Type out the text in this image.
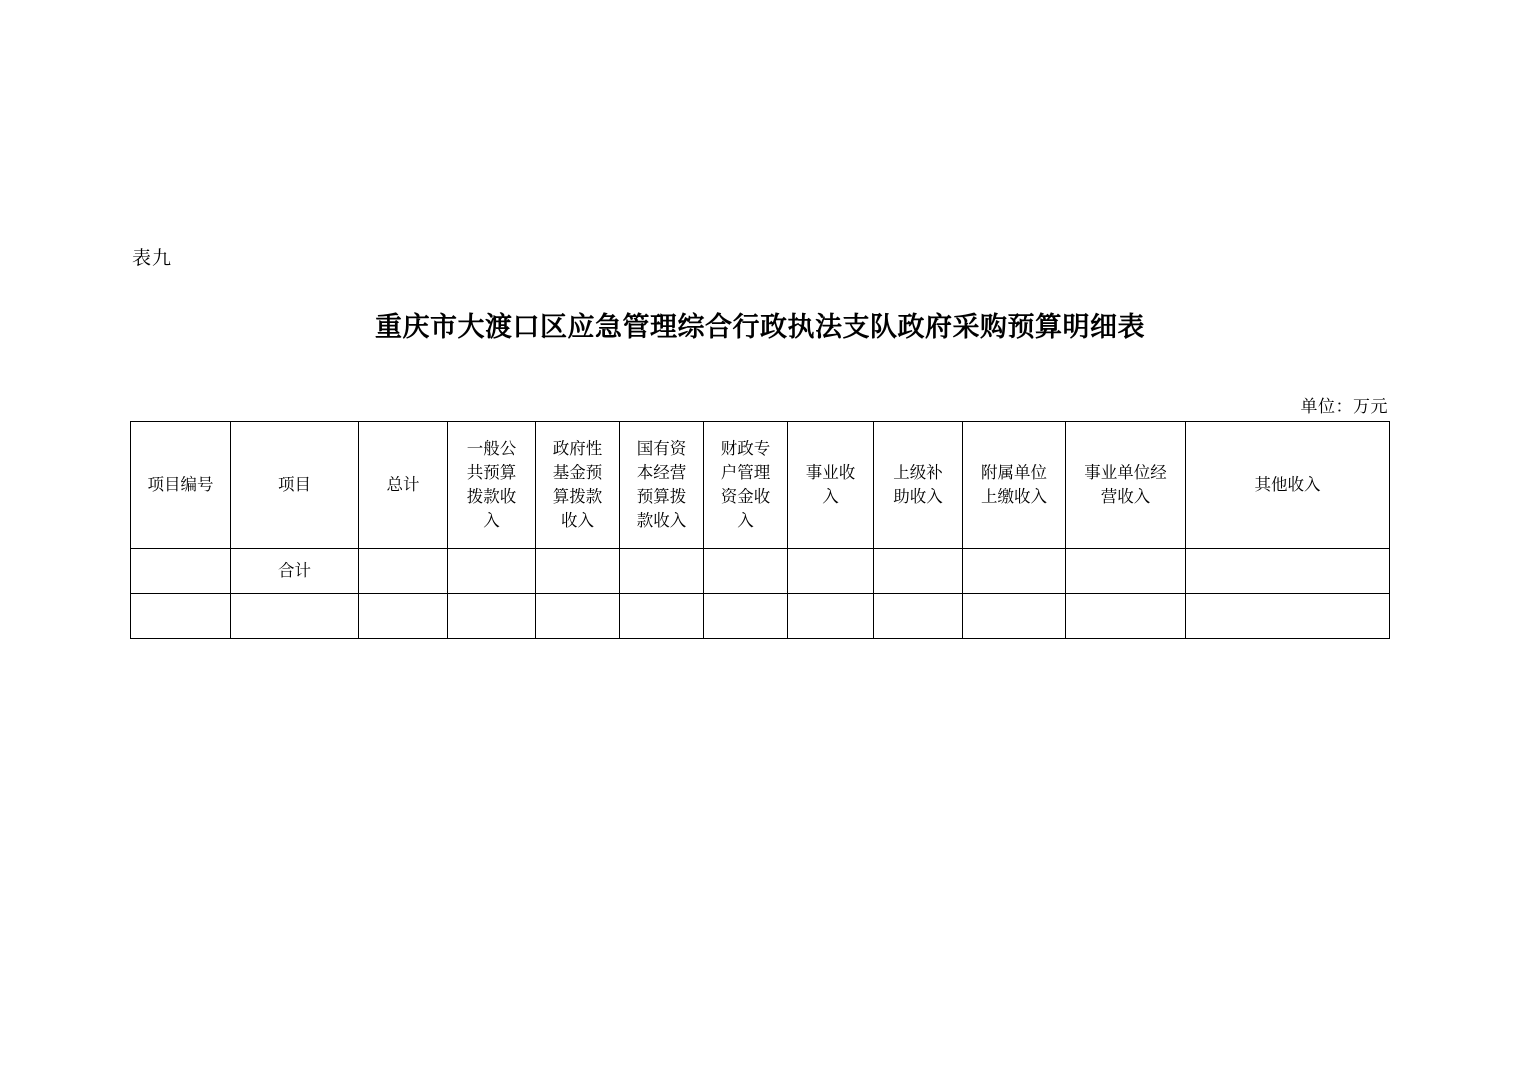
表九
重庆市大渡口区应急管理综合行政执法支队政府采购预算明细表
单位：万元
项目编号	项目	总计	一般公共预算拨款收入	政府性基金预算拨款收入	国有资本经营预算拨款收入	财政专户管理资金收入	事业收入	上级补助收入	附属单位上缴收入	事业单位经营收入	其他收入
	合计										
